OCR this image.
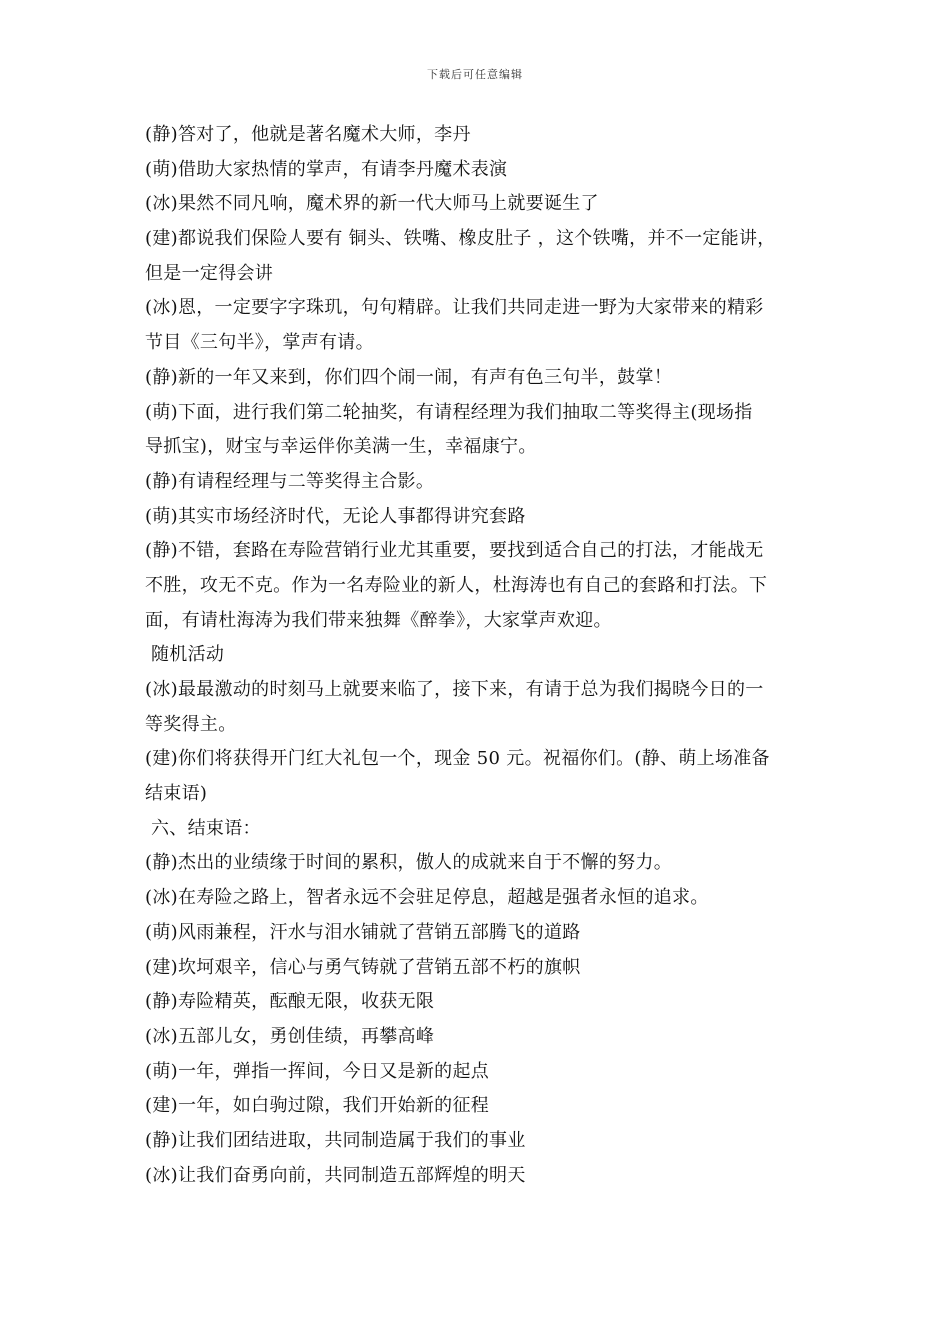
下载后可任意编辑
(静)答对了，他就是著名魔术大师，李丹
(萌)借助大家热情的掌声，有请李丹魔术表演
(冰)果然不同凡响，魔术界的新一代大师马上就要诞生了
(建)都说我们保险人要有 铜头、铁嘴、橡皮肚子 ，这个铁嘴，并不一定能讲，
但是一定得会讲
(冰)恩，一定要字字珠玑，句句精辟。让我们共同走进一野为大家带来的精彩
节目《三句半》，掌声有请。
(静)新的一年又来到，你们四个闹一闹，有声有色三句半，鼓掌！
(萌)下面，进行我们第二轮抽奖，有请程经理为我们抽取二等奖得主(现场指
导抓宝)，财宝与幸运伴你美满一生，幸福康宁。
(静)有请程经理与二等奖得主合影。
(萌)其实市场经济时代，无论人事都得讲究套路
(静)不错，套路在寿险营销行业尤其重要，要找到适合自己的打法，才能战无
不胜，攻无不克。作为一名寿险业的新人，杜海涛也有自己的套路和打法。下
面，有请杜海涛为我们带来独舞《醉拳》，大家掌声欢迎。
随机活动
(冰)最最激动的时刻马上就要来临了，接下来，有请于总为我们揭晓今日的一
等奖得主。
(建)你们将获得开门红大礼包一个，现金 50 元。祝福你们。(静、萌上场准备
结束语)
六、结束语：
(静)杰出的业绩缘于时间的累积，傲人的成就来自于不懈的努力。
(冰)在寿险之路上，智者永远不会驻足停息，超越是强者永恒的追求。
(萌)风雨兼程，汗水与泪水铺就了营销五部腾飞的道路
(建)坎坷艰辛，信心与勇气铸就了营销五部不朽的旗帜
(静)寿险精英，酝酿无限，收获无限
(冰)五部儿女，勇创佳绩，再攀高峰
(萌)一年，弹指一挥间，今日又是新的起点
(建)一年，如白驹过隙，我们开始新的征程
(静)让我们团结进取，共同制造属于我们的事业
(冰)让我们奋勇向前，共同制造五部辉煌的明天
